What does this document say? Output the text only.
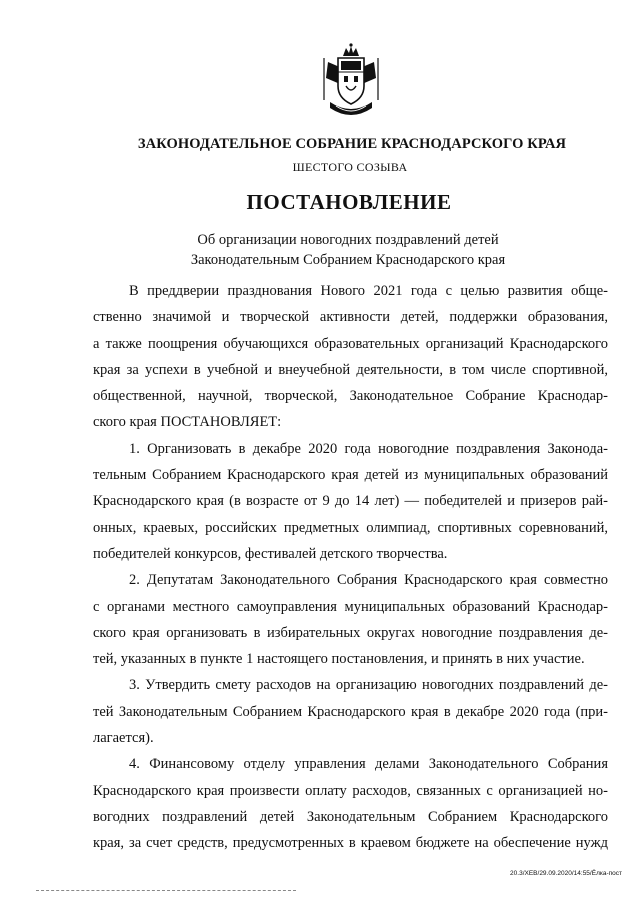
ЗАКОНОДАТЕЛЬНОЕ СОБРАНИЕ КРАСНОДАРСКОГО КРАЯ
ШЕСТОГО СОЗЫВА
ПОСТАНОВЛЕНИЕ
Об организации новогодних поздравлений детей
Законодательным Собранием Краснодарского края
В преддверии празднования Нового 2021 года с целью развития обще-
ственно значимой и творческой активности детей, поддержки образования,
а также поощрения обучающихся образовательных организаций Краснодарского
края за успехи в учебной и внеучебной деятельности, в том числе спортивной,
общественной, научной, творческой, Законодательное Собрание Краснодар-
ского края ПОСТАНОВЛЯЕТ:
1. Организовать в декабре 2020 года новогодние поздравления Законода-
тельным Собранием Краснодарского края детей из муниципальных образований
Краснодарского края (в возрасте от 9 до 14 лет) — победителей и призеров рай-
онных, краевых, российских предметных олимпиад, спортивных соревнований,
победителей конкурсов, фестивалей детского творчества.
2. Депутатам Законодательного Собрания Краснодарского края совместно
с органами местного самоуправления муниципальных образований Краснодар-
ского края организовать в избирательных округах новогодние поздравления де-
тей, указанных в пункте 1 настоящего постановления, и принять в них участие.
3. Утвердить смету расходов на организацию новогодних поздравлений де-
тей Законодательным Собранием Краснодарского края в декабре 2020 года (при-
лагается).
4. Финансовому отделу управления делами Законодательного Собрания
Краснодарского края произвести оплату расходов, связанных с организацией но-
вогодних поздравлений детей Законодательным Собранием Краснодарского
края, за счет средств, предусмотренных в краевом бюджете на обеспечение нужд
20.3/ХЕВ/29.09.2020/14:55/Ёлка-пост
